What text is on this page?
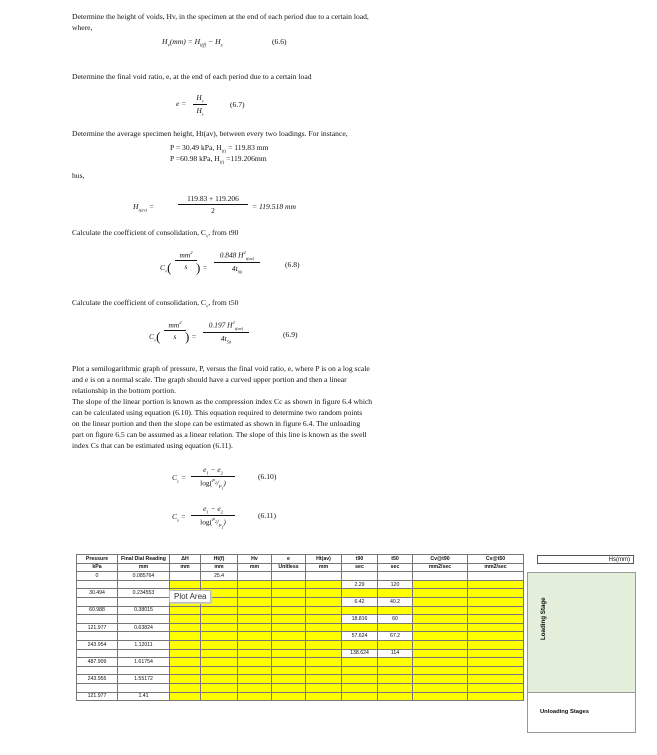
Determine the height of voids, Hv, in the specimen at the end of each period due to a certain load,
where,
$H_v(mm) = H_{t(f)} - H_s$
(6.6)
Determine the final void ratio, e, at the end of each period due to a certain load
$e = \frac{H_v}{H_s}$	(6.7)
Determine the average specimen height, Ht(av), between every two loadings. For instance,
P = 30.49 kPa, $H_{(f)} = 119.83$ mm
P =60.98 kPa, $H_{(f)} =119.206mm$
hus,
$H_{t(av)}$ =	$\frac{119.83 + 119.206}{2} = 119.518$ mm
Calculate the coefficient of consolidation, $C_v$, from t90
$C_v( \frac{mm^2}{s}$ ) = $\frac{0.848 H^2_{t(av)}}{4t_{90}}$	(6.8)
Calculate the coefficient of consolidation, $C_v$, from t50
$C_v( \frac{mm^2}{s}$ ) = $\frac{0.197 H^2_{t(av)}}{4t_{50}}$	(6.9)
Plot a semilogarithmic graph of pressure, P, versus the final void ratio, e, where P is on a log scale
and e is on a normal scale. The graph should have a curved upper portion and then a linear
relationship in the bottom portion.
The slope of the linear portion is known as the compression index Cc as shown in figure 6.4 which
can be calculated using equation (6.10). This equation required to determine two random points
on the linear portion and then the slope can be estimated as shown in figure 6.4. The unloading
part on figure 6.5 can be assumed as a linear relation. The slope of this line is known as the swell
index Cs that can be estimated using equation (6.11).
$C_c = \frac{e_1 - e_2}{\log(^{P_2}/_{P_1})}$	(6.10)
$C_s = \frac{e_1 - e_2}{\log(^{P_2}/_{P_1})}$	(6.11)
Pressure	Final Dial Reading	ΔH	Ht(f)	Hv	e	Ht(av)	t90	t50	Cv@t90	Cv@t50
kPa	mm	mm	mm	mm	Unitless	mm	sec	sec	mm2/sec	mm2/sec
0	0.085764		25.4							
							2.29	120		
30.494	0.234553									
							6.42	40.2		
60.988	0.38015									
							18.816	60		
121.977	0.63824									
							57.624	67.2		
243.954	1.12011									
							138.624	114		
487.909	1.61754									

243.955	1.55172									

121.977	1.41									
Hs(mm)
Loading Stage
Unloading Stages
Plot Area
